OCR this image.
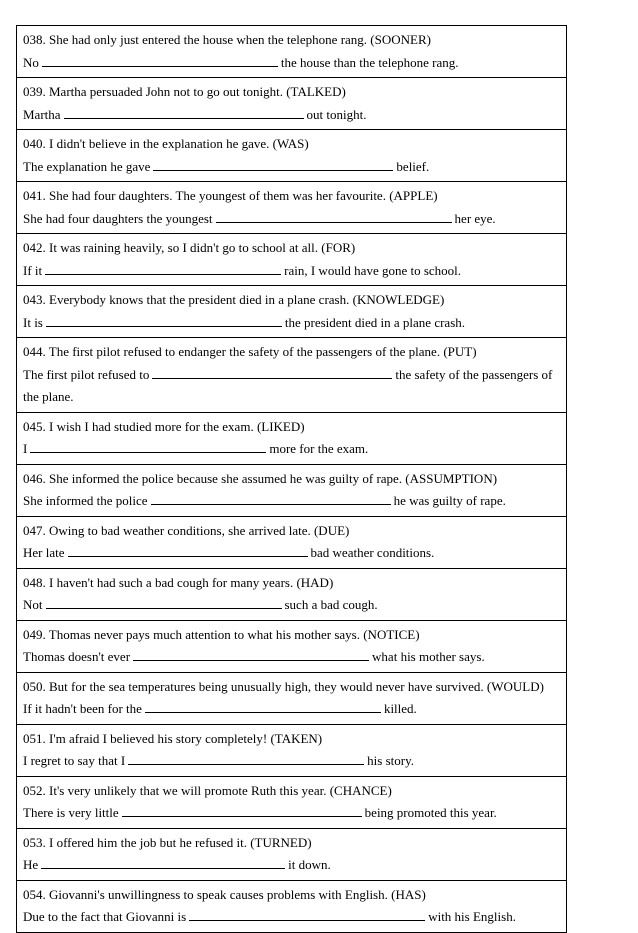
038. She had only just entered the house when the telephone rang. (SOONER)
No	the house than the telephone rang.
039. Martha persuaded John not to go out tonight. (TALKED)
Martha	out tonight.
040. I didn't believe in the explanation he gave. (WAS)
The explanation he gave	belief.
041. She had four daughters. The youngest of them was her favourite. (APPLE)
She had four daughters the youngest	her eye.
042. It was raining heavily, so I didn't go to school at all. (FOR)
If it	rain, I would have gone to school.
043. Everybody knows that the president died in a plane crash. (KNOWLEDGE)
It is	the president died in a plane crash.
044. The first pilot refused to endanger the safety of the passengers of the plane. (PUT)
The first pilot refused to	the safety of the passengers of the plane.
045. I wish I had studied more for the exam. (LIKED)
I	more for the exam.
046. She informed the police because she assumed he was guilty of rape. (ASSUMPTION)
She informed the police	he was guilty of rape.
047. Owing to bad weather conditions, she arrived late. (DUE)
Her late	bad weather conditions.
048. I haven't had such a bad cough for many years. (HAD)
Not	such a bad cough.
049. Thomas never pays much attention to what his mother says. (NOTICE)
Thomas doesn't ever	what his mother says.
050. But for the sea temperatures being unusually high, they would never have survived. (WOULD)
If it hadn't been for the	killed.
051. I'm afraid I believed his story completely! (TAKEN)
I regret to say that I	his story.
052. It's very unlikely that we will promote Ruth this year. (CHANCE)
There is very little	being promoted this year.
053. I offered him the job but he refused it. (TURNED)
He	it down.
054. Giovanni's unwillingness to speak causes problems with English. (HAS)
Due to the fact that Giovanni is	with his English.
